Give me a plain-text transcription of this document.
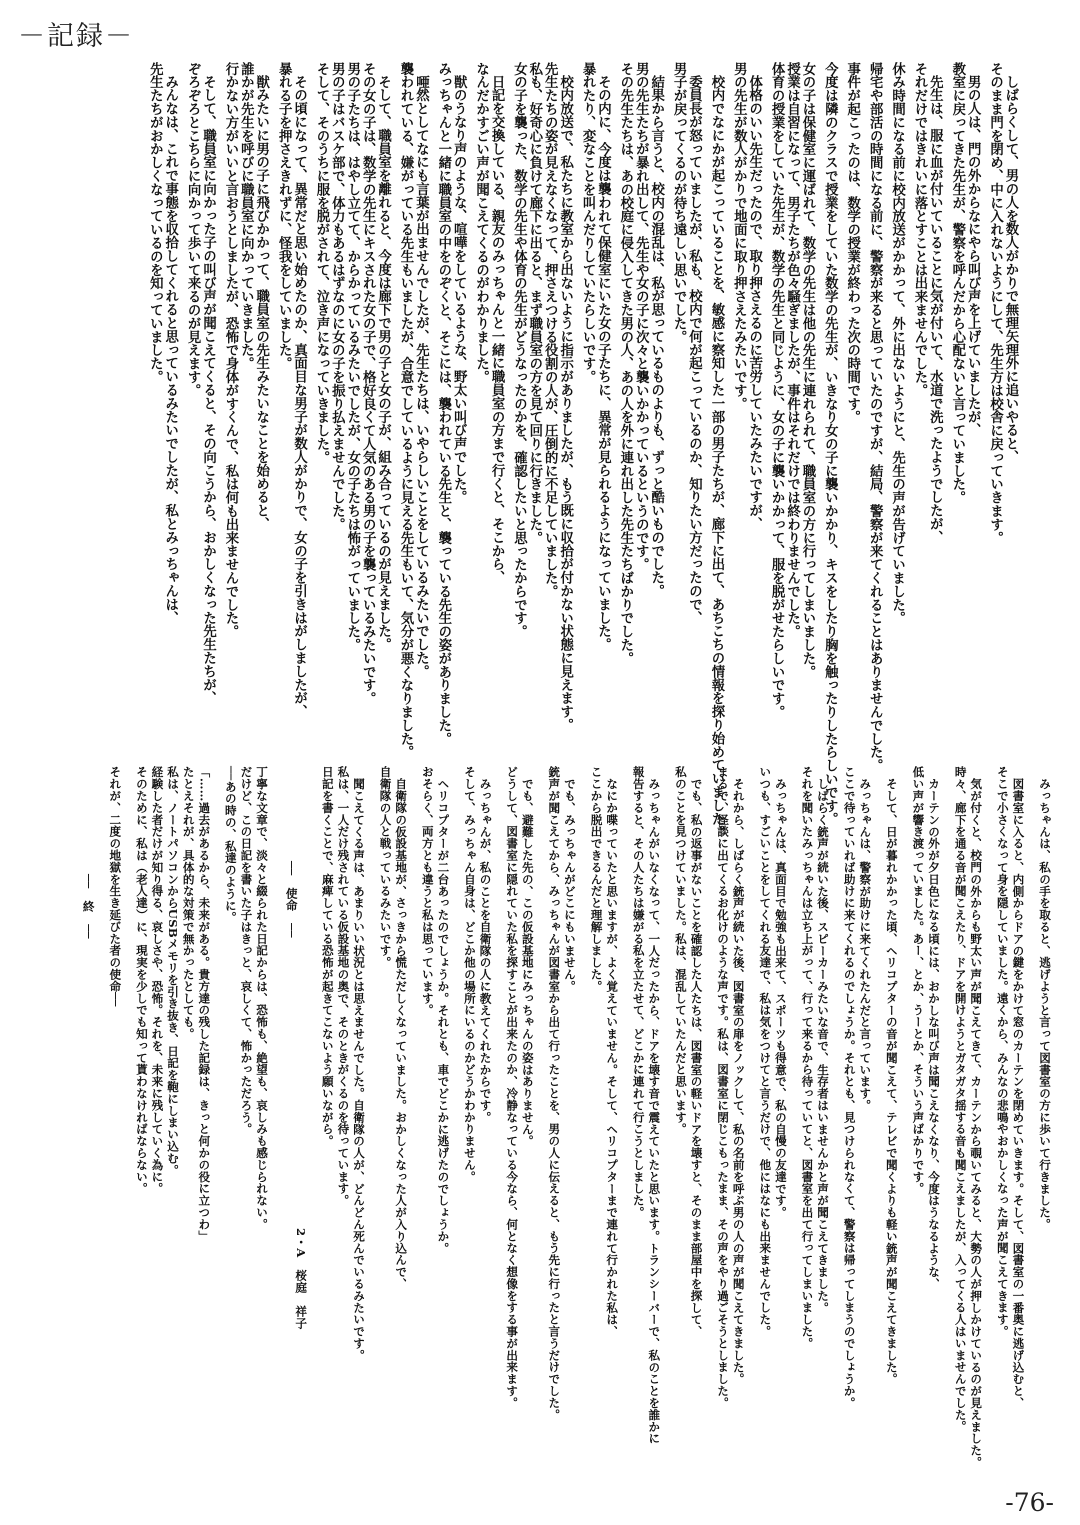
－記録－
しばらくして、男の人を数人がかりで無理矢理外に追いやると、
そのまま門を閉め、中に入れないようにして、先生方は校舎に戻っていきます。
男の人は、門の外からなにやら叫び声を上げていましたが、
教室に戻ってきた先生が、警察を呼んだから心配ないと言っていました。
先生は、服に血が付いていることに気が付いて、水道で洗ったようでしたが、
それだけではきれいに落とすことは出来ませんでした。
休み時間になる前に校内放送がかかって、外に出ないようにと、先生の声が告げていました。
帰宅や部活の時間になる前に、警察が来ると思っていたのですが、結局、警察が来てくれることはありませんでした。
事件が起こったのは、数学の授業が終わった次の時間です。
今度は隣のクラスで授業をしていた数学の先生が、いきなり女の子に襲いかかり、キスをしたり胸を触ったりしたらしいです。
女の子は保健室に運ばれて、数学の先生は他の先生に連れられて、職員室の方に行ってしまいました。
授業は自習になって、男子たちが色々騒ぎましたが、事件はそれだけでは終わりませんでした。
体育の授業をしていた先生が、数学の先生と同じように、女の子に襲いかかって、服を脱がせたらしいです。
体格のいい先生だったので、取り押さえるのに苦労していたみたいですが、
男の先生が数人がかりで地面に取り押さえたみたいです。
校内でなにかが起こっていることを、敏感に察知した一部の男子たちが、廊下に出て、あちこちの情報を探り始めていました。
委員長が怒っていましたが、私も、校内で何が起こっているのか、知りたい方だったので、
男子が戻ってくるのが待ち遠しい思いでした。
結果から言うと、校内の混乱は、私が思っているものよりも、ずっと酷いものでした。
男の先生たちが暴れ出して、先生や女の子に次々と襲いかかっているというのです。
その先生たちは、あの校庭に侵入してきた男の人、あの人を外に連れ出した先生たちばかりでした。
その内に、今度は襲われて保健室にいた女の子たちに、異常が見られるようになっていました。
暴れたり、変なことを叫んだりしていたらしいです。
校内放送で、私たちに教室から出ないように指示がありましたが、もう既に収拾が付かない状態に見えます。
先生たちの姿が見えなくなって、押さえつける役割の人が、圧倒的に不足していました。
私も、好奇心に負けて廊下に出ると、まず職員室の方を見て回りに行きました。
女の子を襲った、数学の先生や体育の先生がどうなったのかを、確認したいと思ったからです。
日記を交換している、親友のみっちゃんと一緒に職員室の方まで行くと、そこから、
なんだかすごい声が聞こえてくるのがわかりました。
獣のうなり声のような、喧嘩をしているような、野太い叫び声でした。
みっちゃんと一緒に職員室の中をのぞくと、そこには、襲われている先生と、襲っている先生の姿がありました。
唖然としてなにも言葉が出ませんでしたが、先生たちは、いやらしいことをしているみたいでした。
襲われている、嫌がっている先生もいましたが、合意でしているように見える先生もいて、気分が悪くなりました。
そして、職員室を離れると、今度は廊下で男の子と女の子が、組み合っているのが見えました。
その女の子は、数学の先生にキスされた女の子で、格好良くて人気のある男の子を襲っているみたいです。
男の子たちは、はやし立てて、からかっているみたいでしたが、女の子たちは怖がっていました。
男の子はバスケ部で、体力もあるはずなのに女の子を振り払えませんでした。
そして、そのうちに服を脱がされて、泣き声になっていきました。
その頃になって、異常だと思い始めたのか、真面目な男子が数人がかりで、女の子を引きはがしましたが、
暴れる子を押さえきれずに、怪我をしていました。
獣みたいに男の子に飛びかかって、職員室の先生みたいなことを始めると、
誰かが先生を呼びに職員室に向かっていきました。
行かない方がいいと言おうとしましたが、恐怖で身体がすくんで、私は何も出来ませんでした。
そして、職員室に向かった子の叫び声が聞こえてくると、その向こうから、おかしくなった先生たちが、
ぞろぞろとこちらに向かって歩いて来るのが見えます。
みんなは、これで事態を収拾してくれると思っているみたいでしたが、私とみっちゃんは、
先生たちがおかしくなっているのを知っていました。
みっちゃんは、私の手を取ると、逃げようと言って図書室の方に歩いて行きました。
図書室に入ると、内側からドアの鍵をかけて窓のカーテンを閉めていきます。そして、図書室の一番奥に逃げ込むと、
そこで小さくなって身を隠していました。遠くから、みんなの悲鳴やおかしくなった声が聞こえてきます。
気が付くと、校門の外からも野太い声が聞こえてきて、カーテンから覗いてみると、大勢の人が押しかけているのが見えました。
時々、廊下を通る音が聞こえたり、ドアを開けようとガタガタ揺する音も聞こえましたが、入ってくる人はいませんでした。
カーテンの外が夕日色になる頃には、おかしな叫び声は聞こえなくなり、今度はうなるような、
低い声が響き渡っていました。あー、とか、うーとか、そういう声ばかりです。
そして、日が暮れかかった頃、ヘリコプターの音が聞こえて、テレビで聞くよりも軽い銃声が聞こえてきました。
みっちゃんは、警察が助けに来てくれたんだと言っています。
ここで待っていれば助けに来てくれるのでしょうか。それとも、見つけられなくて、警察は帰ってしまうのでしょうか。
しばらく銃声が続いた後、スピーカーみたいな音で、生存者はいませんかと声が聞こえてきました。
それを聞いたみっちゃんは立ち上がって、行って来るから待っていてと、図書室を出て行ってしまいました。
みっちゃんは、真面目で勉強も出来て、スポーツも得意で、私の自慢の友達です。
いつも、すごいことをしてくれる友達で、私は気をつけてと言うだけで、他にはなにも出来ませんでした。
それから、しばらく銃声が続いた後、図書室の扉をノックして、私の名前を呼ぶ男の人の声が聞こえてきました。
まるで、怪談に出てくるお化けのような声です。私は、図書室に閉じこもったまま、その声をやり過ごそうとしました。
でも、私の返事がないことを確認した人たちは、図書室の軽いドアを壊すと、そのまま部屋中を探して、
私のことを見つけていました。私は、混乱していたんだと思います。
みっちゃんがいなくなって、一人だったから、ドアを壊す音で震えていたと思います。トランシーバーで、私のことを誰かに
報告すると、その人たちは嫌がる私を立たせて、どこかに連れて行こうとしました。
なにか喋っていたと思いますが、よく覚えていません。そして、ヘリコプターまで連れて行かれた私は、
ここから脱出できるんだと理解しました。
でも、みっちゃんがどこにもいません。
銃声が聞こえてから、みっちゃんが図書室から出て行ったことを、男の人に伝えると、もう先に行ったと言うだけでした。
でも、避難した先の、この仮設基地にみっちゃんの姿はありません。
どうして、図書室に隠れていた私を探すことが出来たのか、冷静なっている今なら、何となく想像をする事が出来ます。
みっちゃんが、私のことを自衛隊の人に教えてくれたからです。
そして、みっちゃん自身は、どこか他の場所にいるのかどうかわかりません。
ヘリコプターが二台あったのでしょうか。それとも、車でどこかに逃げたのでしょうか。
おそらく、両方とも違うと私は思っています。
自衛隊の仮設基地が、さっきから慌ただしくなっていました。おかしくなった人が入り込んで、
自衛隊の人と戦っているみたいです。
聞こえてくる声は、あまりいい状況とは思えませんでした。自衛隊の人が、どんどん死んでいるみたいです。
私は、一人だけ残されている仮設基地の奥で、そのときがくるのを待っています。
日記を書くことで、麻痺している恐怖が起きてこないよう願いながら。
2・A　桜庭　祥子
──　使命　──
丁寧な文章で、淡々と綴られた日記からは、恐怖も、絶望も、哀しみも感じられない。
だけど、この日記を書いた子はきっと、哀しくて、怖かっただろう。
──あの時の、私達のように。
「……過去があるから、未来がある。貴方達の残した記録は、きっと何かの役に立つわ」
たとえそれが、具体的な対策で無かったとしても。
私は、ノートパソコンからUSBメモリを引き抜き、日記を鞄にしまい込む。
経験した者だけが知り得る、哀しさや、恐怖。それを、未来に残していく為に。
そのために、私は（老人達）に、現実を少しでも知って貰わなければならない。
それが、二度の地獄を生き延びた者の使命──
──　終　──
-76-
